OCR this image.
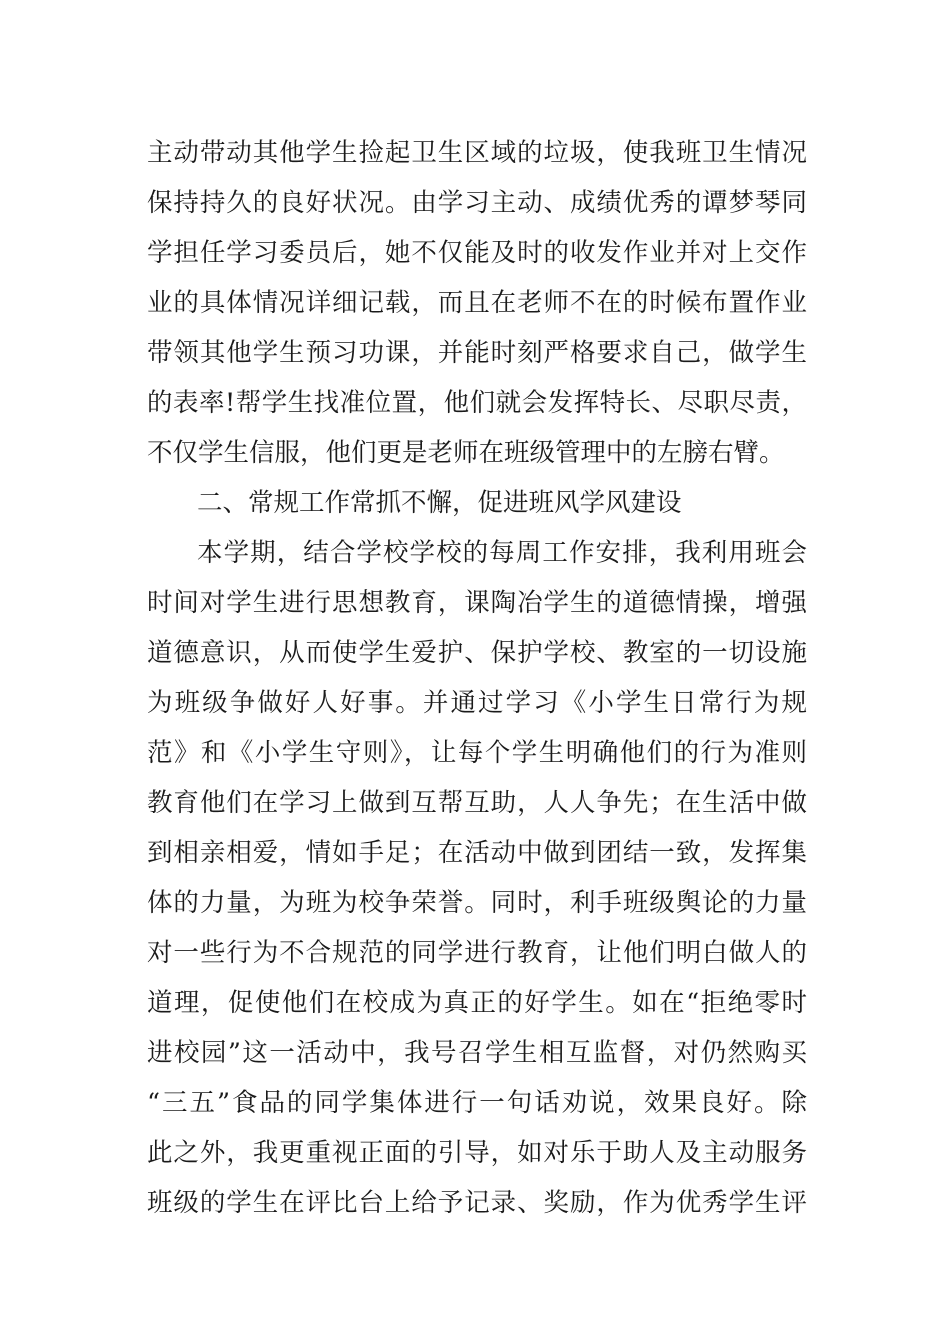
主动带动其他学生捡起卫生区域的垃圾，使我班卫生情况
保持持久的良好状况。由学习主动、成绩优秀的谭梦琴同
学担任学习委员后，她不仅能及时的收发作业并对上交作
业的具体情况详细记载，而且在老师不在的时候布置作业
带领其他学生预习功课，并能时刻严格要求自己，做学生
的表率!帮学生找准位置，他们就会发挥特长、尽职尽责，
不仅学生信服，他们更是老师在班级管理中的左膀右臂。
二、常规工作常抓不懈，促进班风学风建设
本学期，结合学校学校的每周工作安排，我利用班会
时间对学生进行思想教育，课陶冶学生的道德情操，增强
道德意识，从而使学生爱护、保护学校、教室的一切设施
为班级争做好人好事。并通过学习《小学生日常行为规
范》和《小学生守则》，让每个学生明确他们的行为准则
教育他们在学习上做到互帮互助，人人争先；在生活中做
到相亲相爱，情如手足；在活动中做到团结一致，发挥集
体的力量，为班为校争荣誉。同时，利手班级舆论的力量
对一些行为不合规范的同学进行教育，让他们明白做人的
道理，促使他们在校成为真正的好学生。如在“拒绝零时
进校园”这一活动中，我号召学生相互监督，对仍然购买
“三五”食品的同学集体进行一句话劝说，效果良好。除
此之外，我更重视正面的引导，如对乐于助人及主动服务
班级的学生在评比台上给予记录、奖励，作为优秀学生评
